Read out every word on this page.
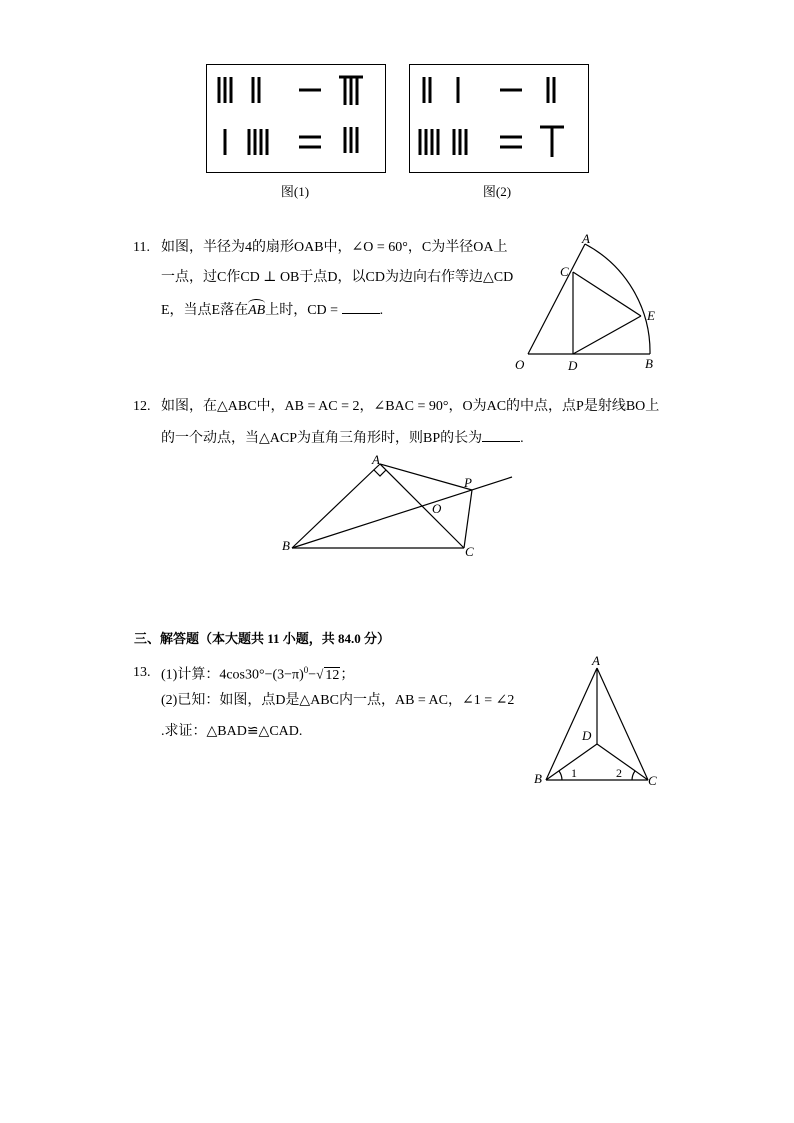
图(1)	图(2)
11. 如图，半径为4的扇形OAB中，∠O = 60°，C为半径OA上
一点，过C作CD ⊥ OB于点D，以CD为边向右作等边△CD
E，当点E落在AB上时，CD =	.
A
C
E
O	D	B
12. 如图，在△ABC中，AB = AC = 2，∠BAC = 90°，O为AC的中点，点P是射线BO上
的一个动点，当△ACP为直角三角形时，则BP的长为	.
A
P
O
B	C
三、解答题（本大题共 11 小题，共 84.0 分）
13. (1)计算：$4\cos 30^\circ-(3-\pi)^0-√$ 12；
(2)已知：如图，点D是△ABC内一点，AB = AC，∠1 = ∠2
.求证：△BAD≌△CAD.
A
D
B	C
1	2
